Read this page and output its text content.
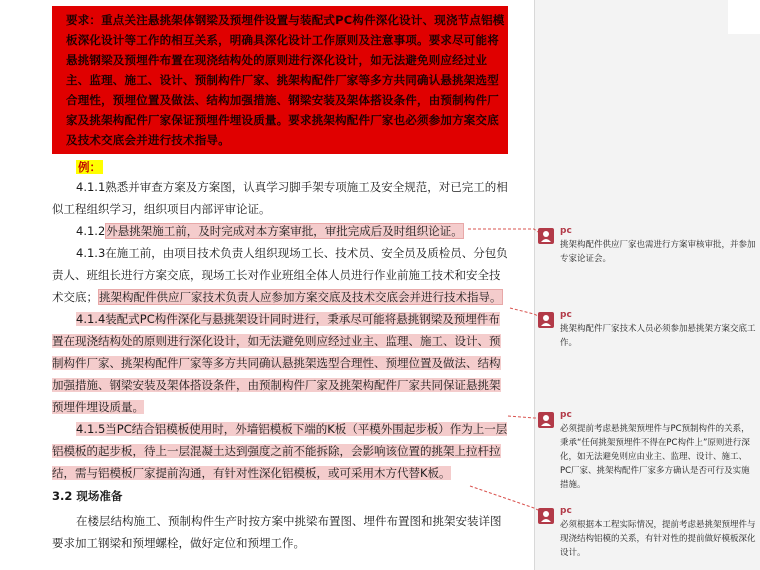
要求：重点关注悬挑架体钢梁及预埋件设置与装配式PC构件深化设计、现浇节点铝模板深化设计等工作的相互关系，明确具深化设计工作原则及注意事项。要求尽可能将悬挑钢梁及预埋件布置在现浇结构处的原则进行深化设计，如无法避免则应经过业主、监理、施工、设计、预制构件厂家、挑架构配件厂家等多方共同确认悬挑架选型合理性，预埋位置及做法、结构加强措施、钢梁安装及架体搭设条件，由预制构件厂家及挑架构配件厂家保证预埋件埋设质量。要求挑架构配件厂家也必须参加方案交底及技术交底会并进行技术指导。
例：

4.1.1熟悉并审查方案及方案图，认真学习脚手架专项施工及安全规范，对已完工的相似工程组织学习，组织项目内部评审论证。

4.1.2外悬挑架施工前，及时完成对本方案审批，审批完成后及时组织论证。

4.1.3在施工前，由项目技术负责人组织现场工长、技术员、安全员及质检员、分包负责人、班组长进行方案交底，现场工长对作业班组全体人员进行作业前施工技术和安全技术交底；挑架构配件供应厂家技术负责人应参加方案交底及技术交底会并进行技术指导。

4.1.4装配式PC构件深化与悬挑架设计同时进行，秉承尽可能将悬挑钢梁及预埋件布置在现浇结构处的原则进行深化设计，如无法避免则应经过业主、监理、施工、设计、预制构件厂家、挑架构配件厂家等多方共同确认悬挑架选型合理性、预埋位置及做法、结构加强措施、钢梁安装及架体搭设条件，由预制构件厂家及挑架构配件厂家共同保证悬挑架预埋件埋设质量。

4.1.5当PC结合铝模板使用时，外墙铝模板下端的K板（平模外围起步板）作为上一层铝模板的起步板，待上一层混凝土达到强度之前不能拆除，会影响该位置的挑架上拉杆拉结，需与铝模板厂家提前沟通，有针对性深化铝模板，或可采用木方代替K板。

3.2 现场准备

在楼层结构施工、预制构件生产时按方案中挑梁布置图、埋件布置图和挑架安装详图要求加工钢梁和预埋螺栓，做好定位和预埋工作。

pc
挑架构配件供应厂家也需进行方案审核审批，并参加专家论证会。
pc
挑架构配件厂家技术人员必须参加悬挑架方案交底工作。
pc
必须提前考虑悬挑架预埋件与PC预制构件的关系，秉承“任何挑架预埋件不得在PC构件上”原则进行深化，如无法避免则应由业主、监理、设计、施工、PC厂家、挑架构配件厂家多方确认是否可行及实施措施。
pc
必须根据本工程实际情况，提前考虑悬挑架预埋件与现浇结构铝模的关系，有针对性的提前做好模板深化设计。
